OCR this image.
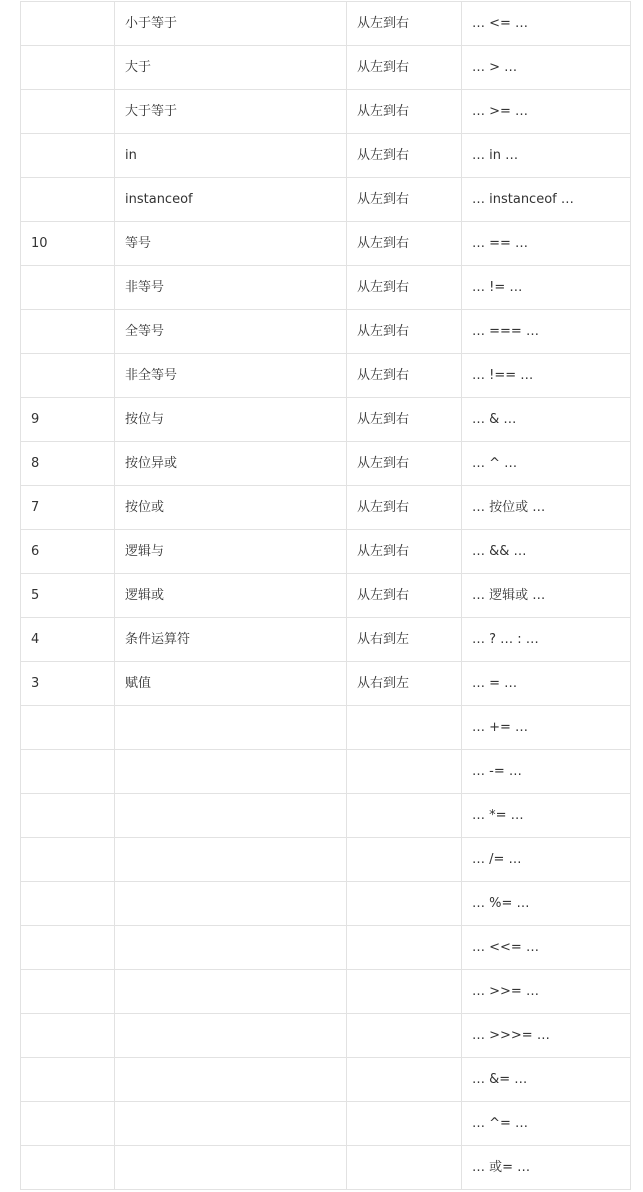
	小于等于	从左到右	… <= …
	大于	从左到右	… > …
	大于等于	从左到右	… >= …
	in	从左到右	… in …
	instanceof	从左到右	… instanceof …
10	等号	从左到右	… == …
	非等号	从左到右	… != …
	全等号	从左到右	… === …
	非全等号	从左到右	… !== …
9	按位与	从左到右	… & …
8	按位异或	从左到右	… ^ …
7	按位或	从左到右	… 按位或 …
6	逻辑与	从左到右	… && …
5	逻辑或	从左到右	… 逻辑或 …
4	条件运算符	从右到左	… ? … : …
3	赋值	从右到左	… = …
			… += …
			… -= …
			… *= …
			… /= …
			… %= …
			… <<= …
			… >>= …
			… >>>= …
			… &= …
			… ^= …
			… 或= …
